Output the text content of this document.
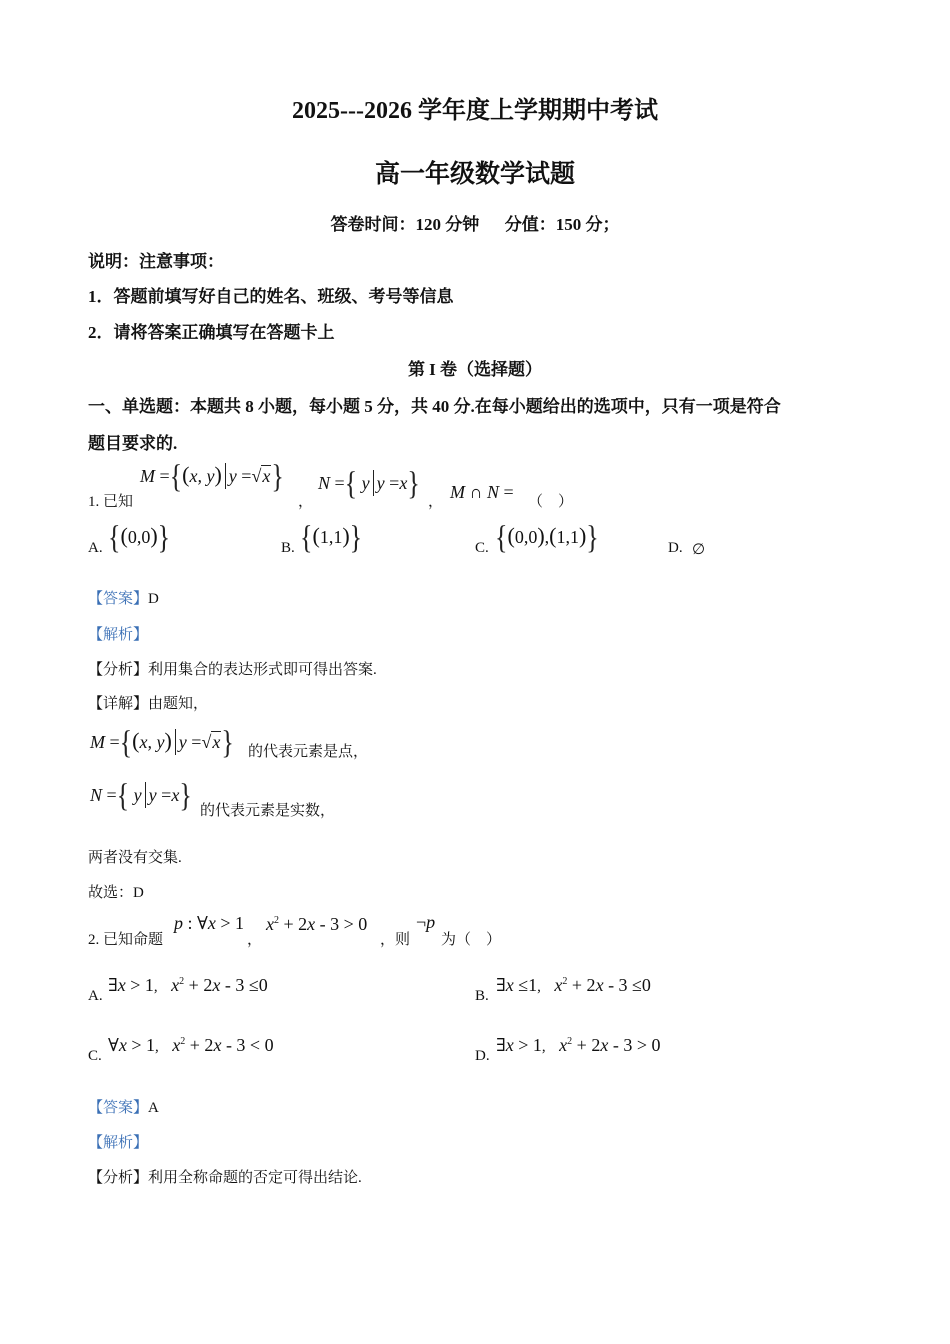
2025---2026 学年度上学期期中考试
高一年级数学试题
答卷时间：120 分钟      分值：150 分；
说明：注意事项：
1．答题前填写好自己的姓名、班级、考号等信息
2．请将答案正确填写在答题卡上
第 I 卷（选择题）
一、单选题：本题共 8 小题，每小题 5 分，共 40 分.在每小题给出的选项中，只有一项是符合
题目要求的.
1. 已知
M ={(x, y) y =√x}
，
N ={ y y =x}
， M ∩ N = （    ）
A. {(0,0)}	B. {(1,1)}	C. {(0,0),(1,1)}	D. ∅
【答案】D
【解析】
【分析】利用集合的表达形式即可得出答案.
【详解】由题知，
M ={(x, y) y =√x} 的代表元素是点，
N ={ y y =x} 的代表元素是实数，
两者没有交集.
故选：D
2. 已知命题
p : ∀x > 1
，
$x^2 + 2x - 3 > 0$
，则
¬p
为（    ）
A.
∃x > 1,   $x^2 + 2x - 3 \le 0$
B.
∃x ≤1,   $x^2 + 2x - 3 \le 0$
C.
∀x > 1,   $x^2 + 2x - 3 < 0$
D.
∃x > 1,   $x^2 + 2x - 3 > 0$
【答案】A
【解析】
【分析】利用全称命题的否定可得出结论.
